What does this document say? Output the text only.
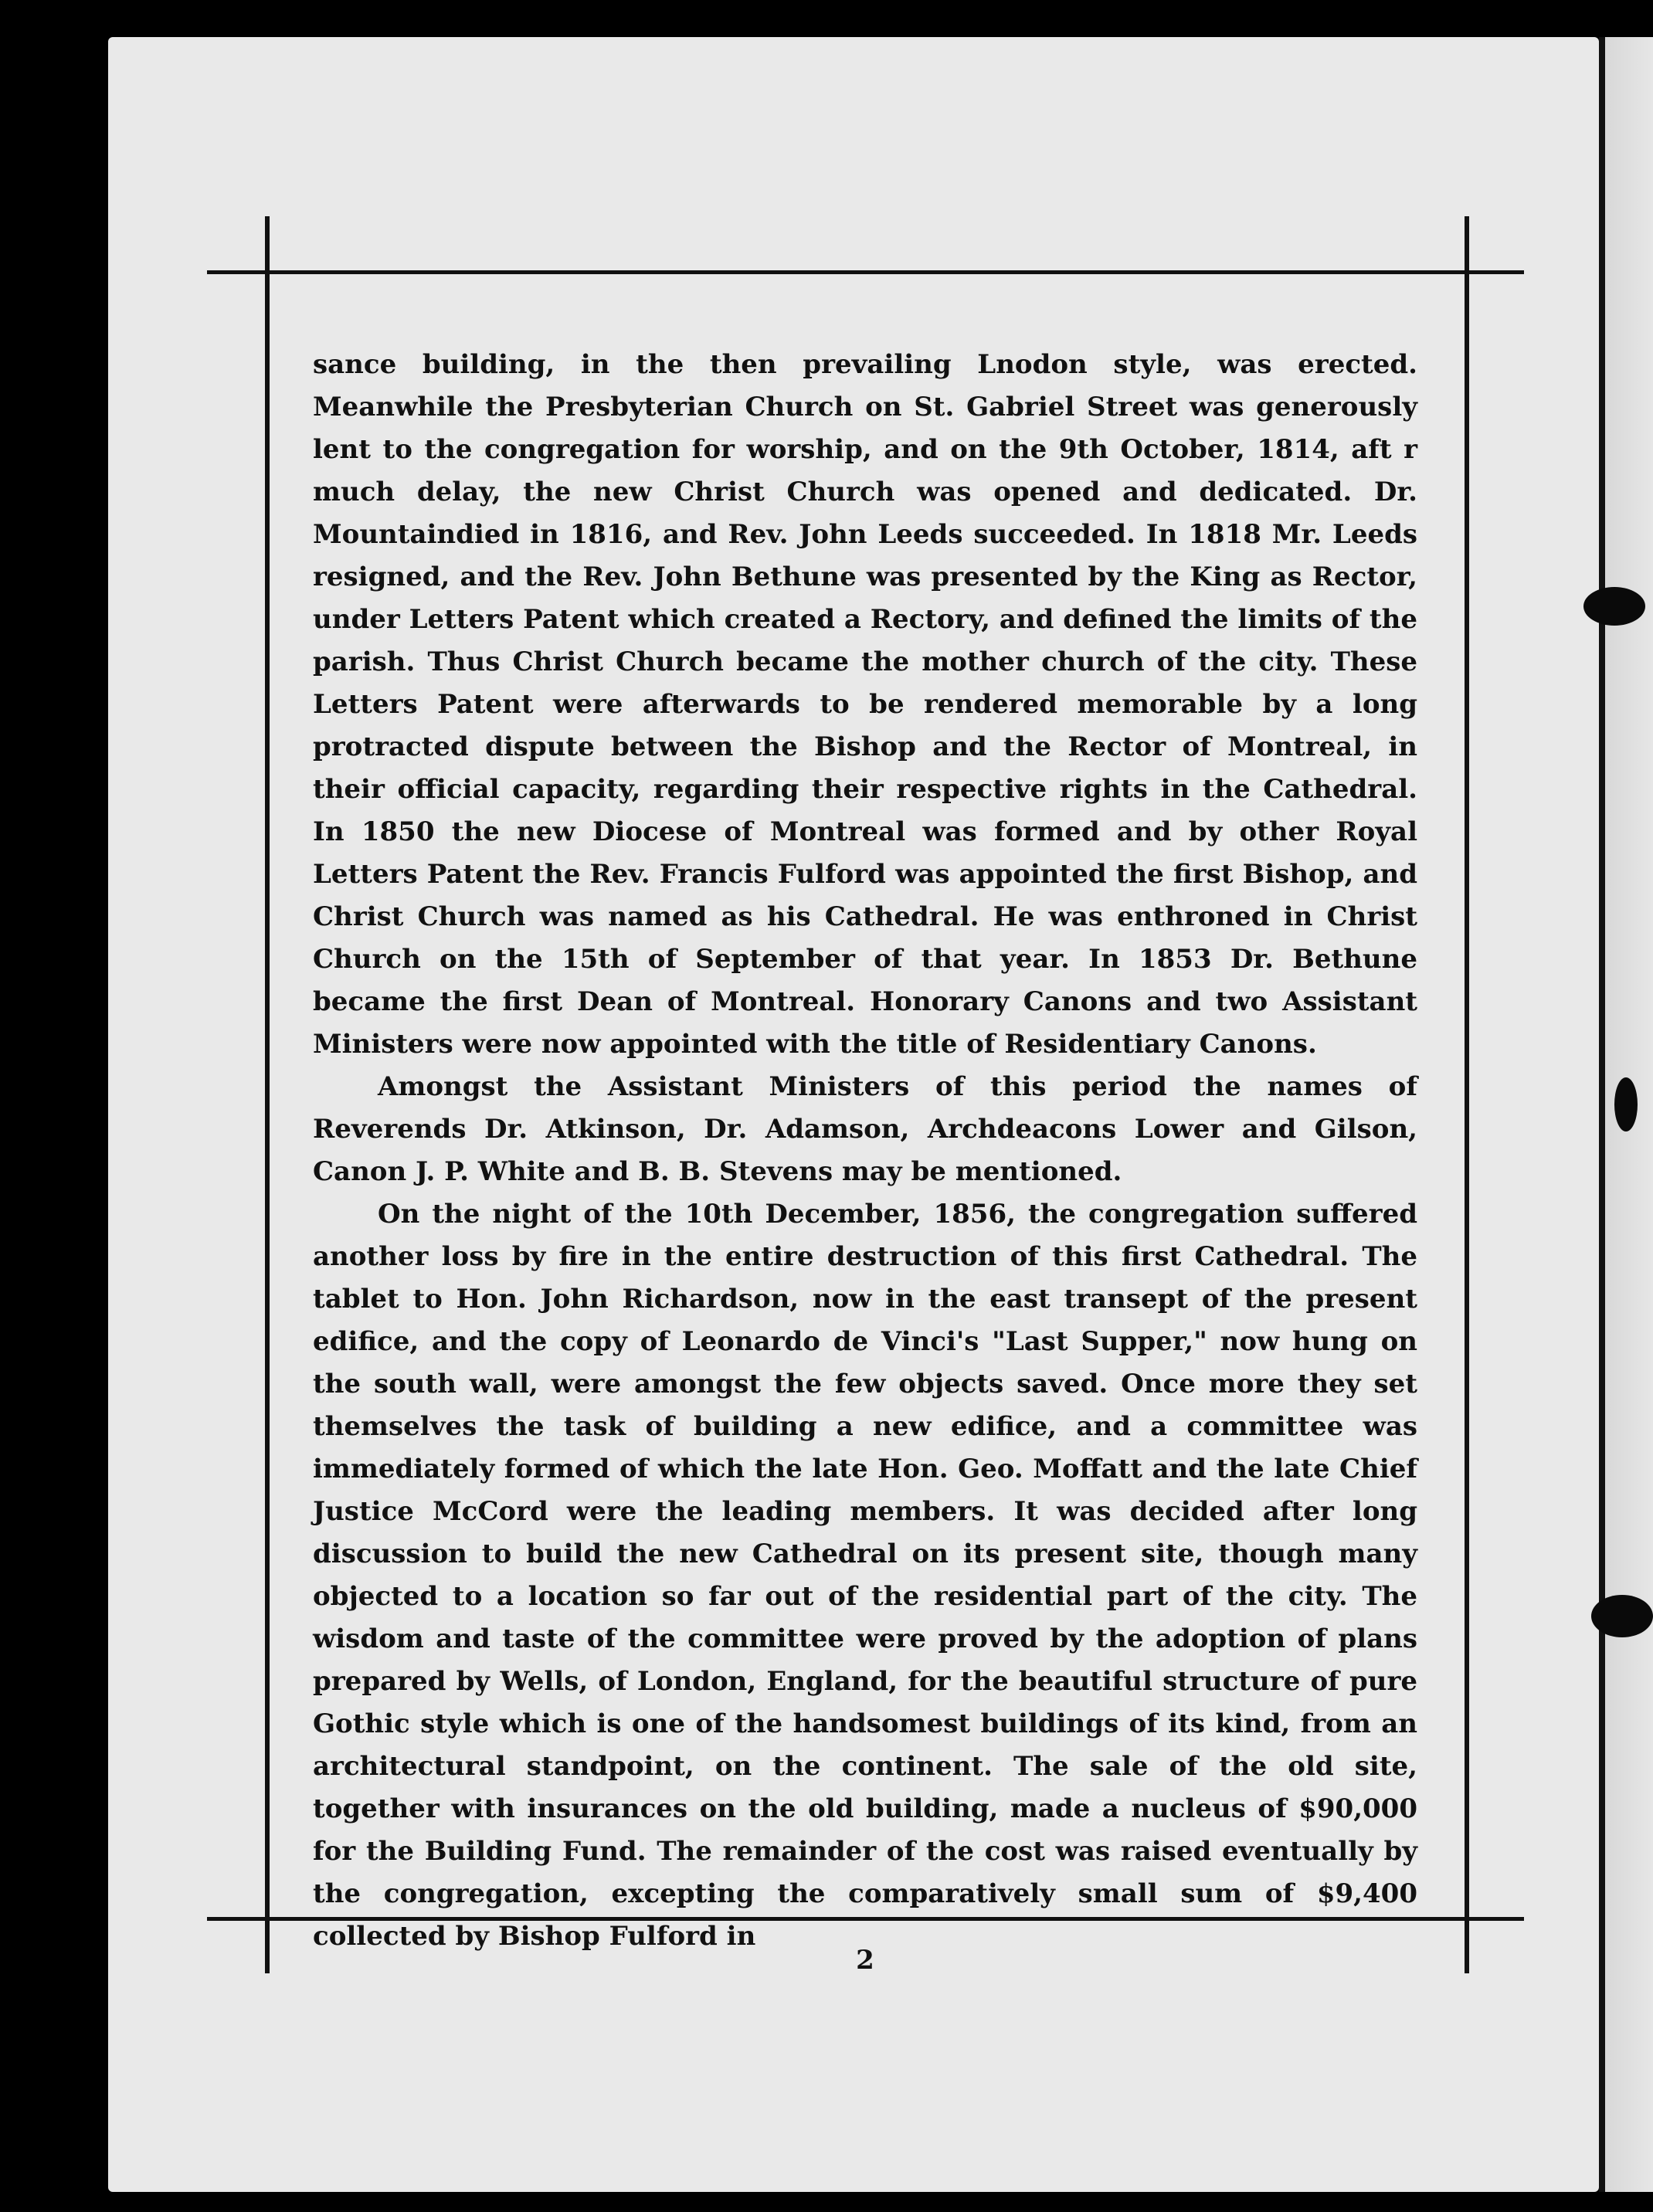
sance building, in the then prevailing Lnodon style, was erected. Meanwhile the Presbyterian Church on St. Gabriel Street was generously lent to the congregation for worship, and on the 9th October, 1814, aft r much delay, the new Christ Church was opened and dedicated. Dr. Mountaindied in 1816, and Rev. John Leeds succeeded. In 1818 Mr. Leeds resigned, and the Rev. John Bethune was presented by the King as Rector, under Letters Patent which created a Rectory, and defined the limits of the parish. Thus Christ Church became the mother church of the city. These Letters Patent were afterwards to be rendered memorable by a long protracted dispute between the Bishop and the Rector of Montreal, in their official capacity, regarding their respective rights in the Cathedral. In 1850 the new Diocese of Montreal was formed and by other Royal Letters Patent the Rev. Francis Fulford was appointed the first Bishop, and Christ Church was named as his Cathedral. He was enthroned in Christ Church on the 15th of September of that year. In 1853 Dr. Bethune became the first Dean of Montreal. Honorary Canons and two Assistant Ministers were now appointed with the title of Residentiary Canons.

Amongst the Assistant Ministers of this period the names of Reverends Dr. Atkinson, Dr. Adamson, Archdeacons Lower and Gilson, Canon J. P. White and B. B. Stevens may be mentioned.

On the night of the 10th December, 1856, the congregation suffered another loss by fire in the entire destruction of this first Cathedral. The tablet to Hon. John Richardson, now in the east transept of the present edifice, and the copy of Leonardo de Vinci's "Last Supper," now hung on the south wall, were amongst the few objects saved. Once more they set themselves the task of building a new edifice, and a committee was immediately formed of which the late Hon. Geo. Moffatt and the late Chief Justice McCord were the leading members. It was decided after long discussion to build the new Cathedral on its present site, though many objected to a location so far out of the residential part of the city. The wisdom and taste of the committee were proved by the adoption of plans prepared by Wells, of London, England, for the beautiful structure of pure Gothic style which is one of the handsomest buildings of its kind, from an architectural standpoint, on the continent. The sale of the old site, together with insurances on the old building, made a nucleus of $90,000 for the Building Fund. The remainder of the cost was raised eventually by the congregation, excepting the comparatively small sum of $9,400 collected by Bishop Fulford in

2
